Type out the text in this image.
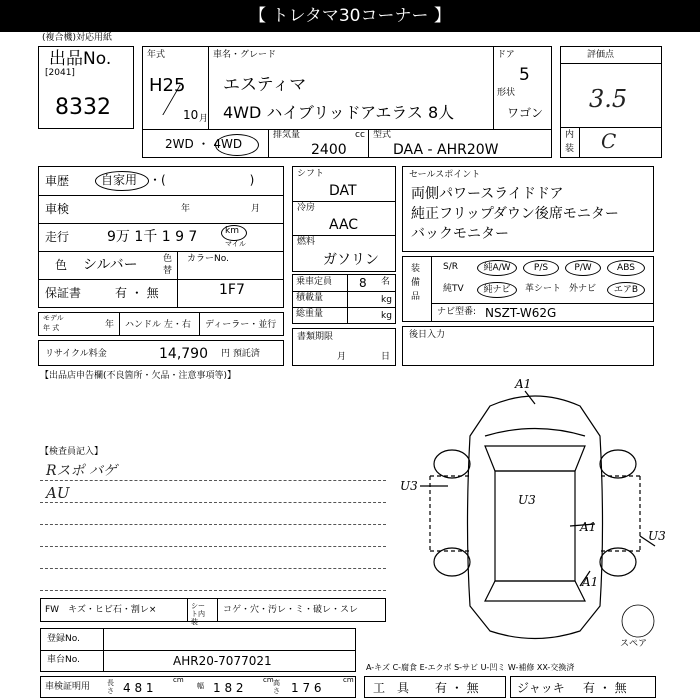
【 トレタマ30コーナー 】
(複合機)対応用紙
出品No.
[2041]
8332
年式
H25
10 月
車名・グレード
エスティマ
4WD ハイブリッドアエラス 8人
ドア
5
形状
ワゴン
2WD ・ 4WD
排気量	cc
2400
型式
DAA - AHR20W
評価点
3.5
内
装 C
車歴	自家用 ・(　　　　　　　)
車検	年	月
走行	9万 1千 1 9 7	km
マイル
色 シルバー	色
替
カラーNo.
1F7
保証書	有 ・ 無
モデル
年 式	年 ハンドル 左・右 ディーラー・並行
リサイクル料金	14,790 円 預託済
シフト
DAT
冷房
AAC
燃料
ガソリン
乗車定員 8 名
積載量	kg
総重量	kg
書類期限
月	日
セールスポイント
両側パワースライドドア
純正フリップダウン後席モニター
バックモニター
装
備
品
S/R	純A/W	P/S	P/W	ABS
純TV	純ナビ	革シート 外ナビ	エアB
ナビ型番: NSZT-W62G
後日入力
【出品店申告欄(不良箇所・欠品・注意事項等)】
【検査員記入】
Rスポ バゲ
AU
FW　キズ・ヒビ石・割レ×	シート内装
コゲ・穴・汚レ・ミ・破レ・スレ
A1
U3
U3
A1
U3
A1
スペア
登録No.
車台No.	AHR20-7077021
車検証明用 長さ 4 8 1
cm
幅 1 8 2
cm 高さ 1 7 6
cm
A-キズ C-腐食 E-エクボ S-サビ U-凹ミ W-補修 XX-交換済
工　具 有 ・ 無	ジャッキ 有 ・ 無
